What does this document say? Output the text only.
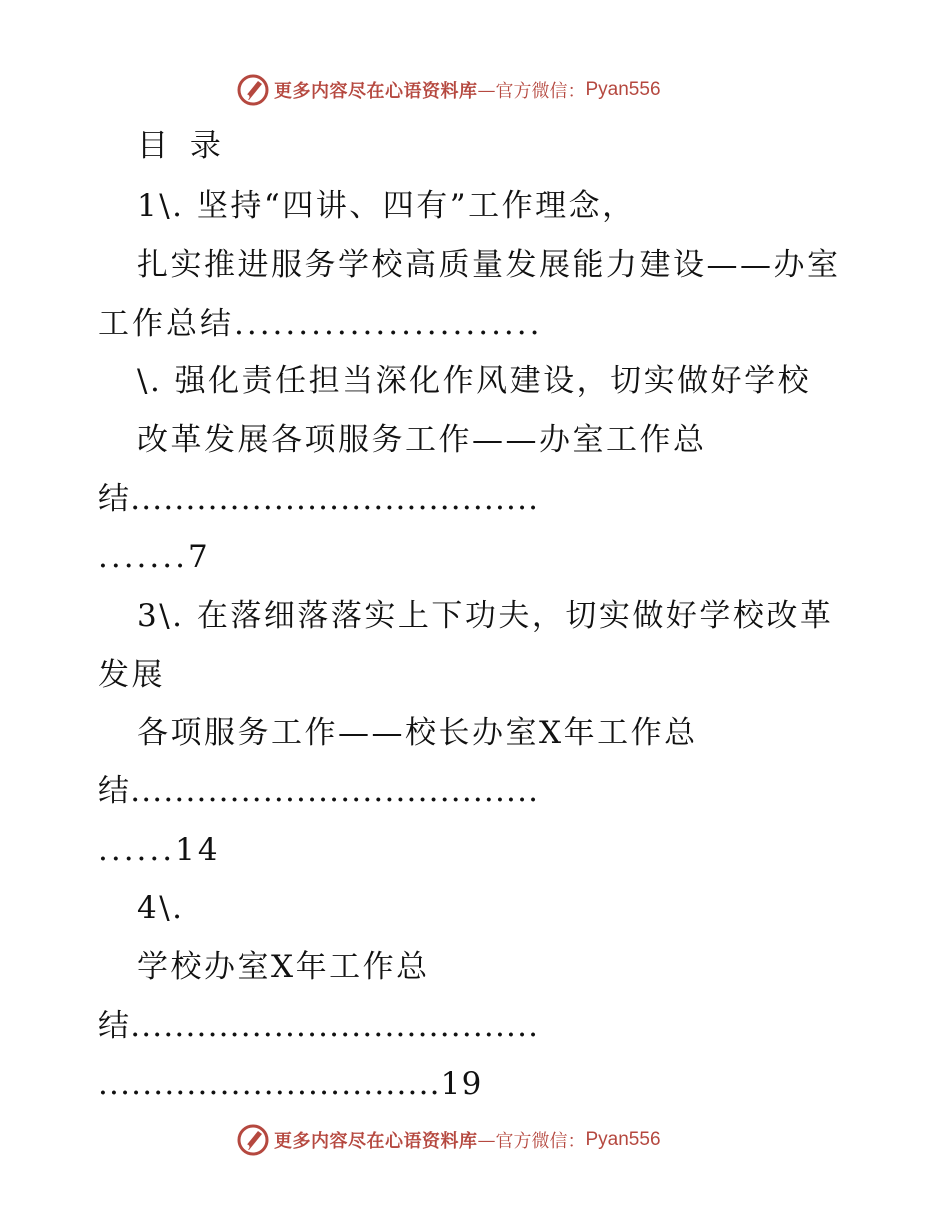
更多内容尽在心语资料库 — 官方微信： Pyan556
目 录
1\. 坚持“四讲、四有”工作理念，
扎实推进服务学校高质量发展能力建设——办室
工作总结........................
\. 强化责任担当深化作风建设，切实做好学校
改革发展各项服务工作——办室工作总
结.....................................
.......7
3\. 在落细落落实上下功夫，切实做好学校改革
发展
各项服务工作——校长办室X年工作总
结.....................................
......14
4\.
学校办室X年工作总
结.....................................
...............................19
更多内容尽在心语资料库 — 官方微信： Pyan556
